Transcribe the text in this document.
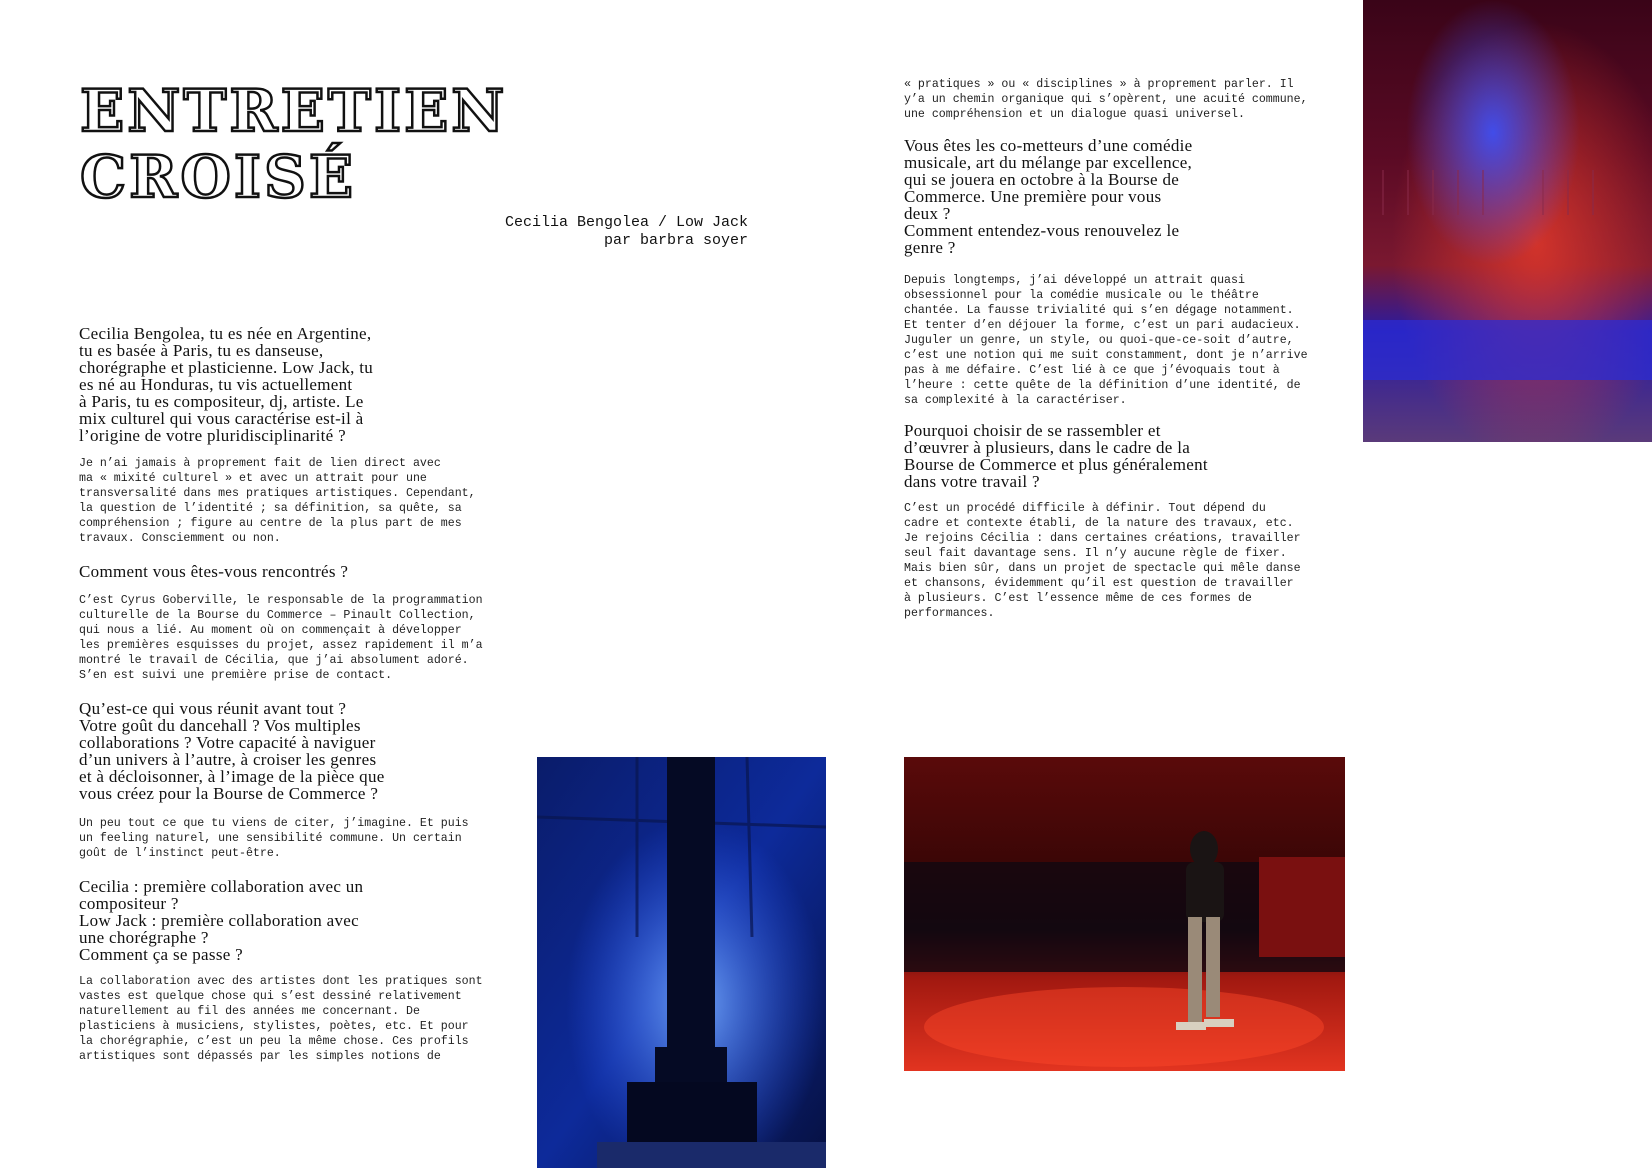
ENTRETIEN
CROISÉ
Cecilia Bengolea / Low Jack
par barbra soyer
Cecilia Bengolea, tu es née en Argentine,
tu es basée à Paris, tu es danseuse,
chorégraphe et plasticienne. Low Jack, tu
es né au Honduras, tu vis actuellement
à Paris, tu es compositeur, dj, artiste. Le
mix culturel qui vous caractérise est-il à
l’origine de votre pluridisciplinarité ?
Je n’ai jamais à proprement fait de lien direct avec
ma « mixité culturel » et avec un attrait pour une
transversalité dans mes pratiques artistiques. Cependant,
la question de l’identité ; sa définition, sa quête, sa
compréhension ; figure au centre de la plus part de mes
travaux. Consciemment ou non.
Comment vous êtes-vous rencontrés ?
C’est Cyrus Goberville, le responsable de la programmation
culturelle de la Bourse du Commerce – Pinault Collection,
qui nous a lié. Au moment où on commençait à développer
les premières esquisses du projet, assez rapidement il m’a
montré le travail de Cécilia, que j’ai absolument adoré.
S’en est suivi une première prise de contact.
Qu’est-ce qui vous réunit avant tout ?
Votre goût du dancehall ? Vos multiples
collaborations ? Votre capacité à naviguer
d’un univers à l’autre, à croiser les genres
et à décloisonner, à l’image de la pièce que
vous créez pour la Bourse de Commerce ?
Un peu tout ce que tu viens de citer, j’imagine. Et puis
un feeling naturel, une sensibilité commune. Un certain
goût de l’instinct peut-être.
Cecilia : première collaboration avec un
compositeur ?
Low Jack : première collaboration avec
une chorégraphe ?
Comment ça se passe ?
La collaboration avec des artistes dont les pratiques sont
vastes est quelque chose qui s’est dessiné relativement
naturellement au fil des années me concernant. De
plasticiens à musiciens, stylistes, poètes, etc. Et pour
la chorégraphie, c’est un peu la même chose. Ces profils
artistiques sont dépassés par les simples notions de
« pratiques » ou « disciplines » à proprement parler. Il
y’a un chemin organique qui s’opèrent, une acuité commune,
une compréhension et un dialogue quasi universel.
Vous êtes les co-metteurs d’une comédie
musicale, art du mélange par excellence,
qui se jouera en octobre à la Bourse de
Commerce. Une première pour vous
deux ?
Comment entendez-vous renouvelez le
genre ?
Depuis longtemps, j’ai développé un attrait quasi
obsessionnel pour la comédie musicale ou le théâtre
chantée. La fausse trivialité qui s’en dégage notamment.
Et tenter d’en déjouer la forme, c’est un pari audacieux.
Juguler un genre, un style, ou quoi-que-ce-soit d’autre,
c’est une notion qui me suit constamment, dont je n’arrive
pas à me défaire. C’est lié à ce que j’évoquais tout à
l’heure : cette quête de la définition d’une identité, de
sa complexité à la caractériser.
Pourquoi choisir de se rassembler et
d’œuvrer à plusieurs, dans le cadre de la
Bourse de Commerce et plus généralement
dans votre travail ?
C’est un procédé difficile à définir. Tout dépend du
cadre et contexte établi, de la nature des travaux, etc.
Je rejoins Cécilia : dans certaines créations, travailler
seul fait davantage sens. Il n’y aucune règle de fixer.
Mais bien sûr, dans un projet de spectacle qui mêle danse
et chansons, évidemment qu’il est question de travailler
à plusieurs. C’est l’essence même de ces formes de
performances.
